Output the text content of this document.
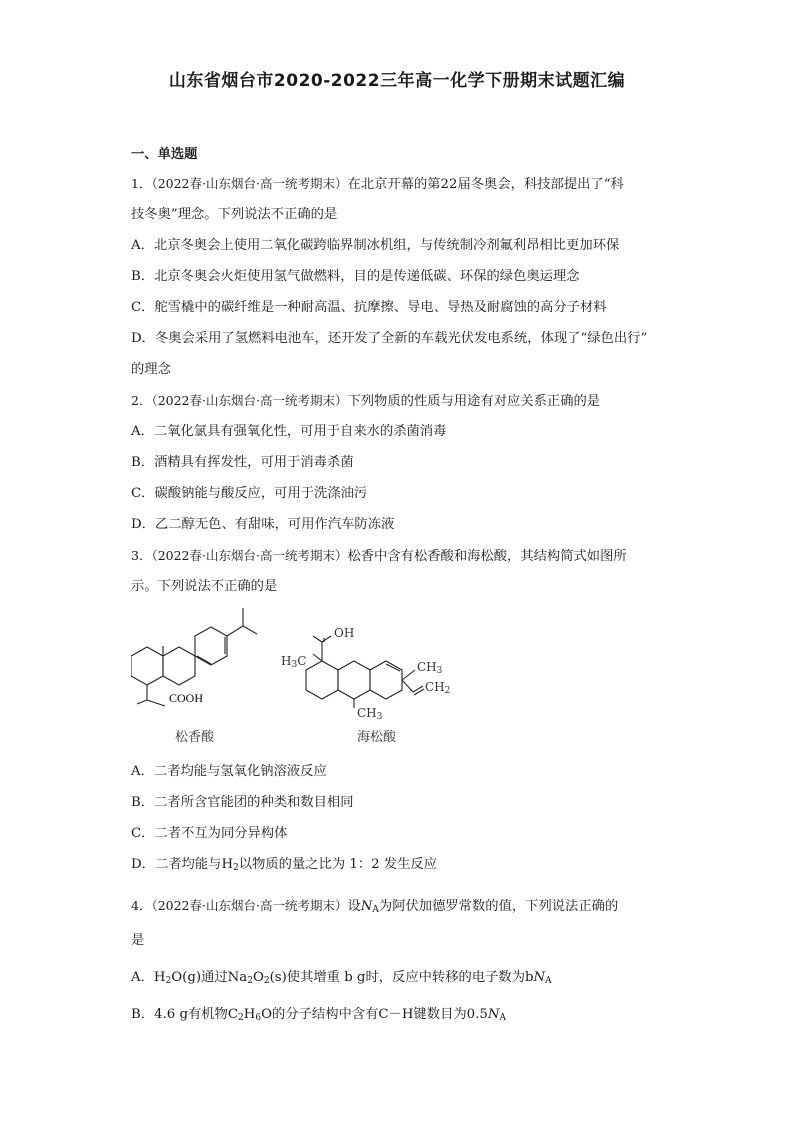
山东省烟台市2020-2022三年高一化学下册期末试题汇编
一、单选题
1．（2022春·山东烟台·高一统考期末）在北京开幕的第22届冬奥会，科技部提出了“科
技冬奥”理念。下列说法不正确的是
A．北京冬奥会上使用二氧化碳跨临界制冰机组，与传统制冷剂氟利昂相比更加环保
B．北京冬奥会火炬使用氢气做燃料，目的是传递低碳、环保的绿色奥运理念
C．舵雪橇中的碳纤维是一种耐高温、抗摩擦、导电、导热及耐腐蚀的高分子材料
D．冬奥会采用了氢燃料电池车，还开发了全新的车载光伏发电系统，体现了“绿色出行”
的理念
2．（2022春·山东烟台·高一统考期末）下列物质的性质与用途有对应关系正确的是
A．二氧化氯具有强氧化性，可用于自来水的杀菌消毒
B．酒精具有挥发性，可用于消毒杀菌
C．碳酸钠能与酸反应，可用于洗涤油污
D．乙二醇无色、有甜味，可用作汽车防冻液
3．（2022春·山东烟台·高一统考期末）松香中含有松香酸和海松酸，其结构简式如图所
示。下列说法不正确的是
COOH
松香酸
OH
$H_3C$	$CH_3$
$CH_2$
$CH_3$
海松酸
A．二者均能与氢氧化钠溶液反应
B．二者所含官能团的种类和数目相同
C．二者不互为同分异构体
D．二者均能与$H_2$以物质的量之比为 1：2 发生反应
4．（2022春·山东烟台·高一统考期末）设$N_A$为阿伏加德罗常数的值，下列说法正确的
是
A．$H_2O(g)$通过$Na_2O_2(s)$使其增重 b g时，反应中转移的电子数为$bN_A$
B．4.6 g有机物$C_2H_6O$的分子结构中含有C－H键数目为$0.5N_A$
